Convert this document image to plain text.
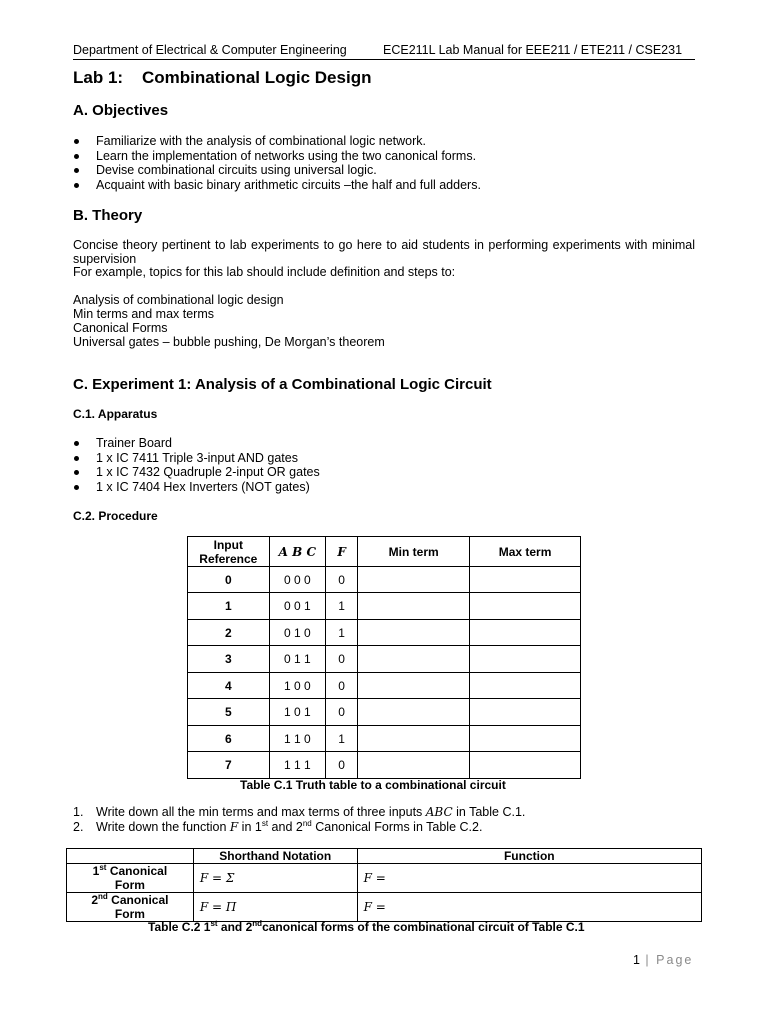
Department of Electrical & Computer Engineering	ECE211L Lab Manual for EEE211 / ETE211 / CSE231
Lab 1:    Combinational Logic Design
A. Objectives
Familiarize with the analysis of combinational logic network.
Learn the implementation of networks using the two canonical forms.
Devise combinational circuits using universal logic.
Acquaint with basic binary arithmetic circuits –the half and full adders.
B. Theory
Concise theory pertinent to lab experiments to go here to aid students in performing experiments with minimal supervision
For example, topics for this lab should include definition and steps to:
Analysis of combinational logic design
Min terms and max terms
Canonical Forms
Universal gates – bubble pushing, De Morgan’s theorem
C. Experiment 1: Analysis of a Combinational Logic Circuit
C.1. Apparatus
Trainer Board
1 x IC 7411 Triple 3-input AND gates
1 x IC 7432 Quadruple 2-input OR gates
1 x IC 7404 Hex Inverters (NOT gates)
C.2. Procedure
Input
Reference	A B C	F	Min term	Max term
0	0 0 0	0		
1	0 0 1	1		
2	0 1 0	1		
3	0 1 1	0		
4	1 0 0	0		
5	1 0 1	0		
6	1 1 0	1		
7	1 1 1	0		
Table C.1 Truth table to a combinational circuit
1. Write down all the min terms and max terms of three inputs ABC in Table C.1.
2. Write down the function F in 1st and 2nd Canonical Forms in Table C.2.
	Shorthand Notation	Function
1st Canonical
Form	F = Σ	F =
2nd Canonical
Form	F = Π	F =
Table C.2 1st and 2ndcanonical forms of the combinational circuit of Table C.1
1 | Page
